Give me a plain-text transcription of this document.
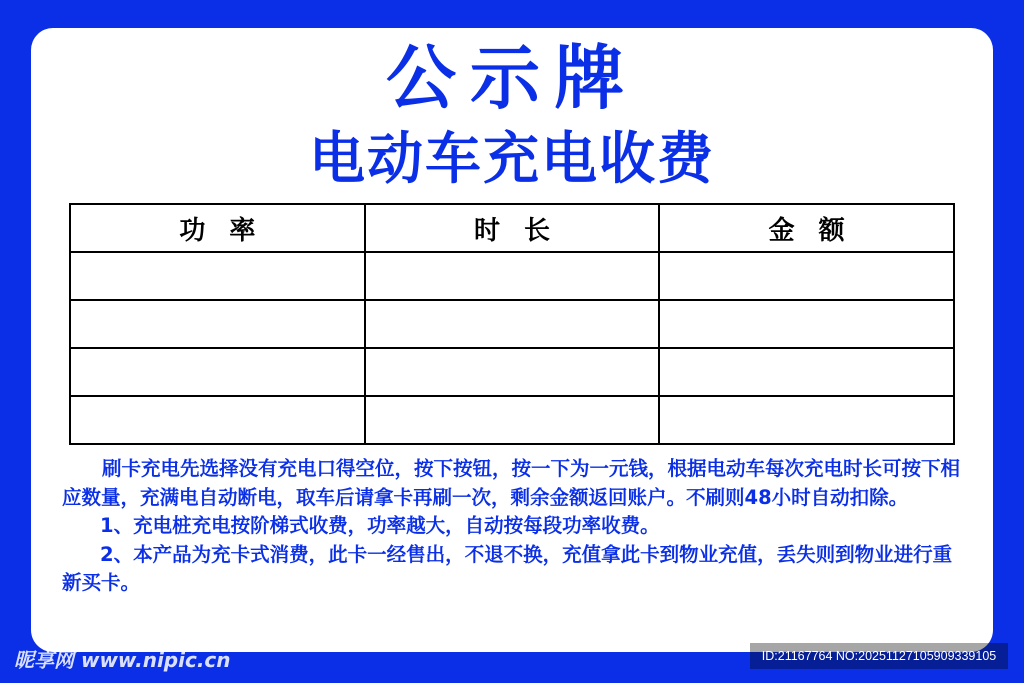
公示牌
电动车充电收费
功率	时长	金额

刷卡充电先选择没有充电口得空位，按下按钮，按一下为一元钱，根据电动车每次充电时长可按下相应数量，充满电自动断电，取车后请拿卡再刷一次，剩余金额返回账户。不刷则48小时自动扣除。

1、充电桩充电按阶梯式收费，功率越大，自动按每段功率收费。

2、本产品为充卡式消费，此卡一经售出，不退不换，充值拿此卡到物业充值，丢失则到物业进行重新买卡。

昵享网 www.nipic.cn	ID:21167764 NO:20251127105909339105
